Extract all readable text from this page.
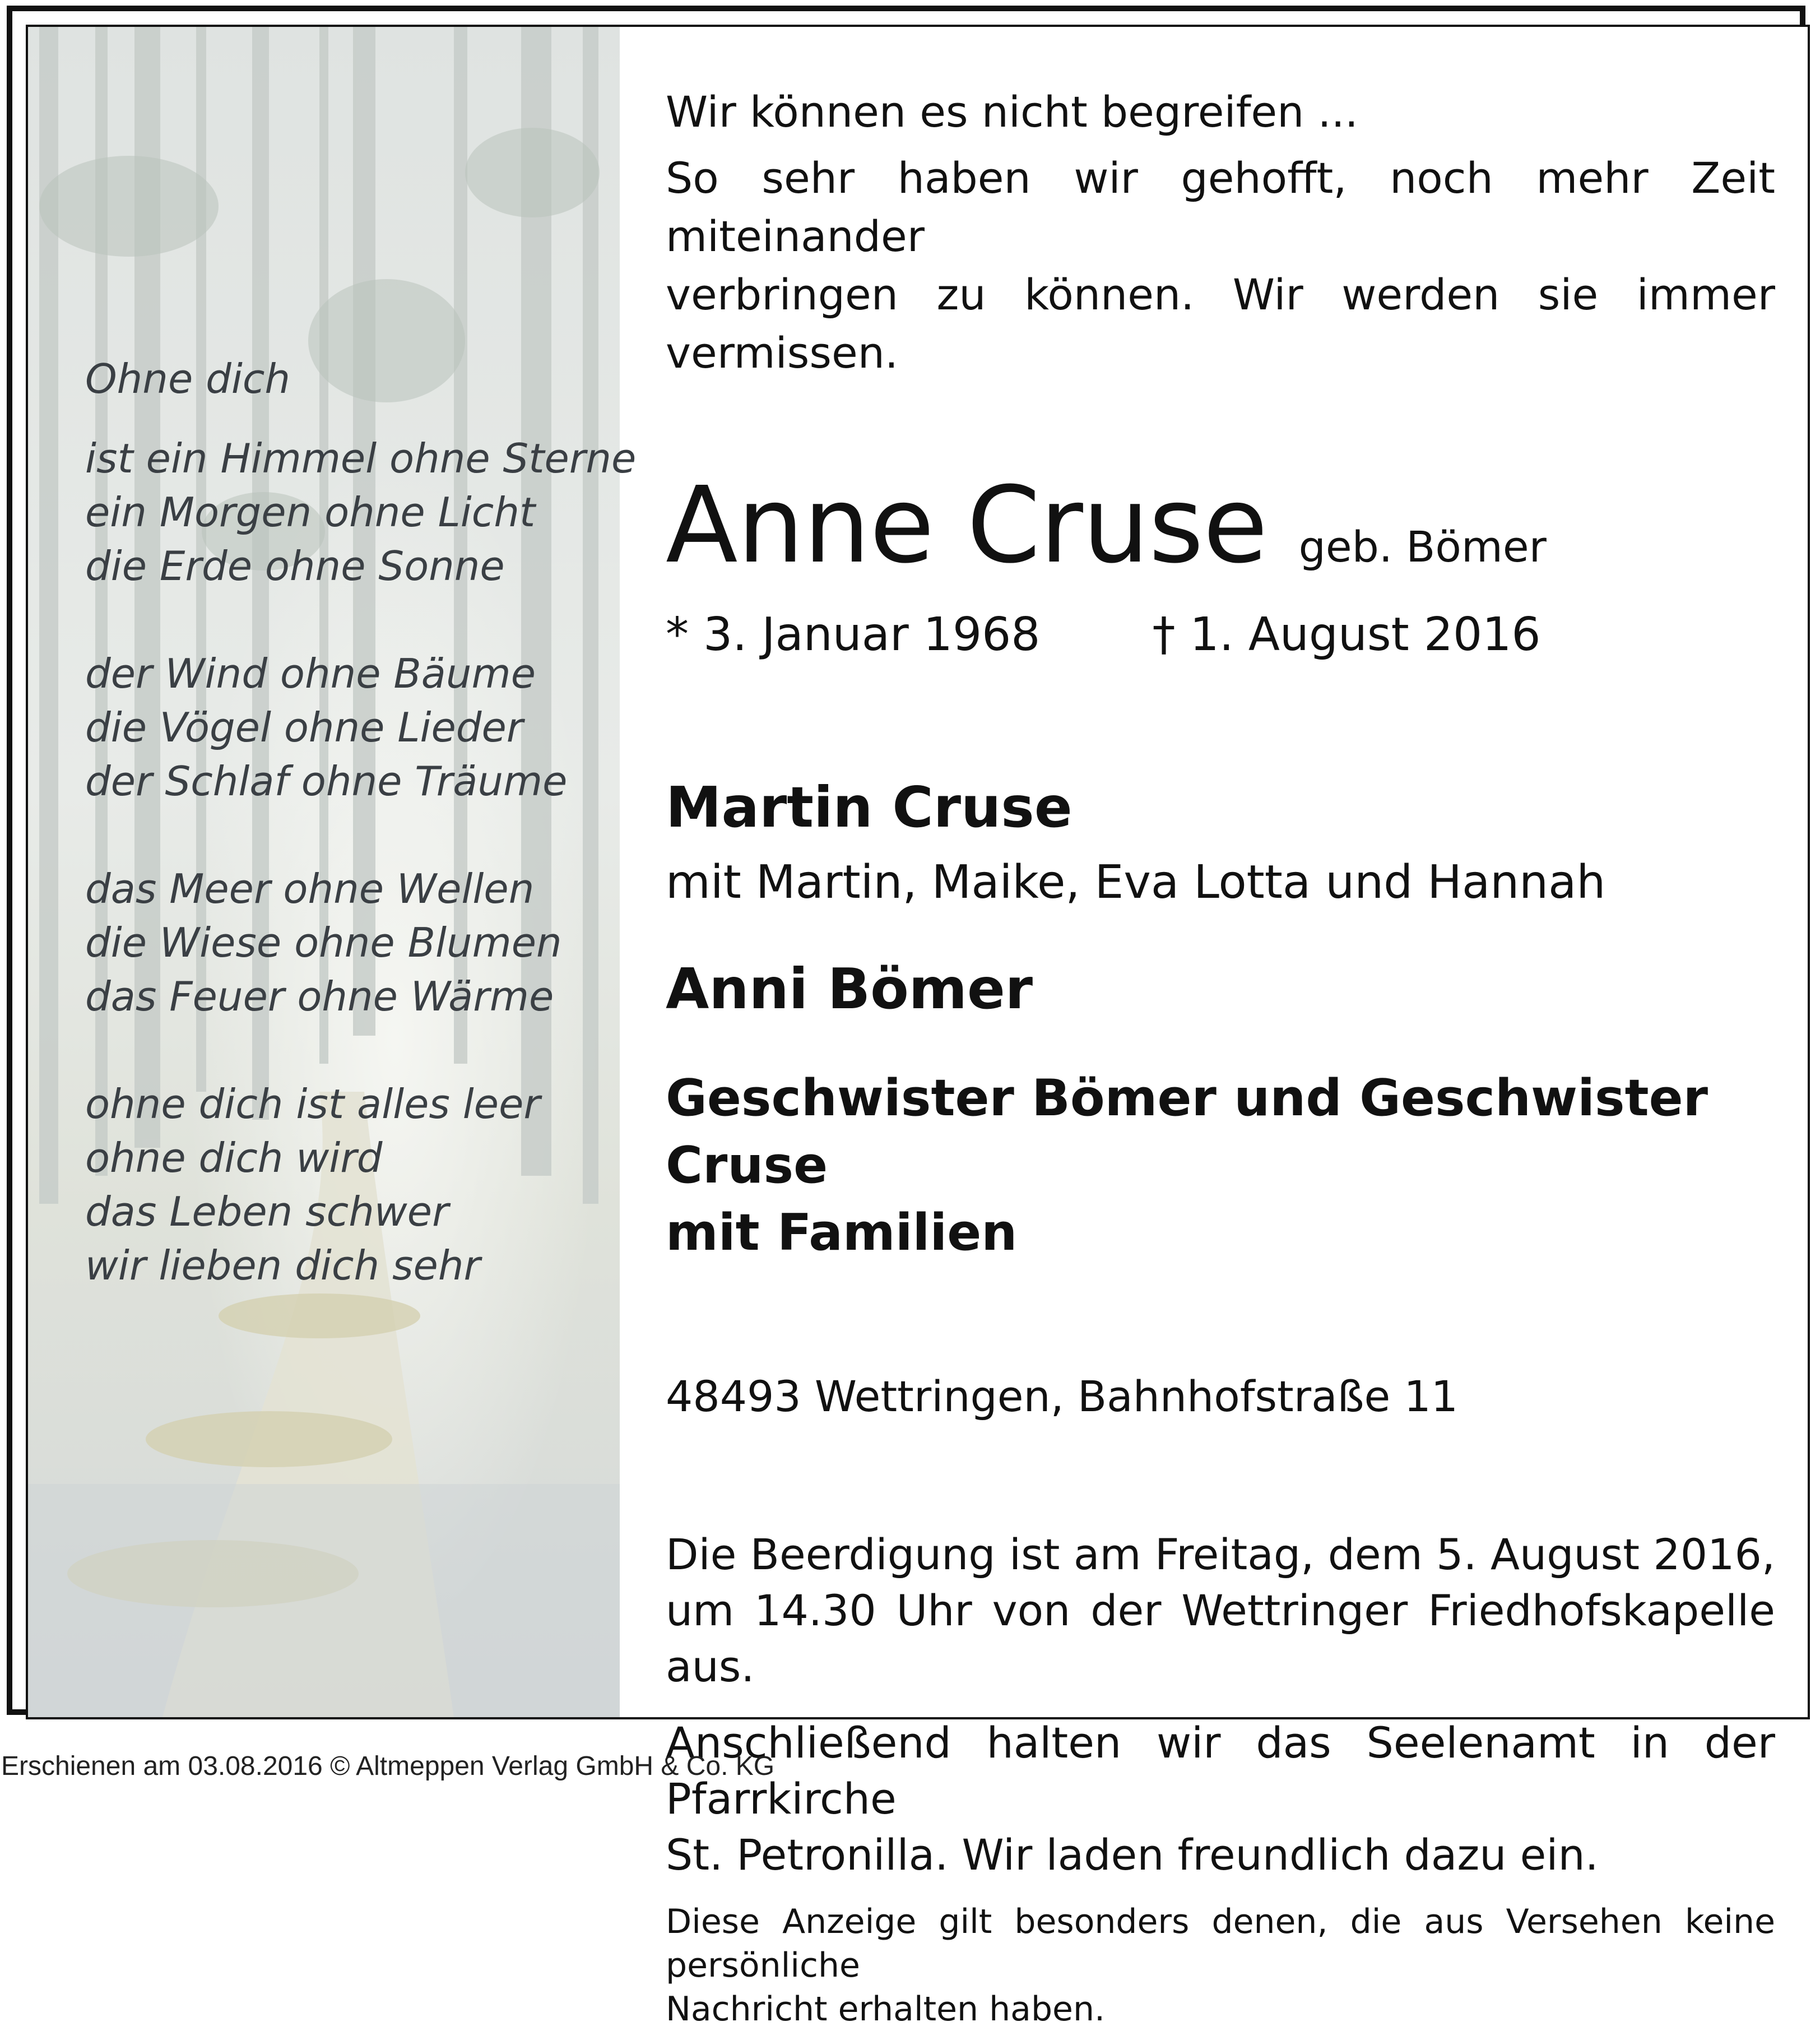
Ohne dich
ist ein Himmel ohne Sterne
ein Morgen ohne Licht
die Erde ohne Sonne
der Wind ohne Bäume
die Vögel ohne Lieder
der Schlaf ohne Träume
das Meer ohne Wellen
die Wiese ohne Blumen
das Feuer ohne Wärme
ohne dich ist alles leer
ohne dich wird
das Leben schwer
wir lieben dich sehr
Wir können es nicht begreifen ...
So sehr haben wir gehofft, noch mehr Zeit miteinander
verbringen zu können. Wir werden sie immer vermissen.
Anne Cruse geb. Bömer
* 3. Januar 1968 † 1. August 2016
Martin Cruse
mit Martin, Maike, Eva Lotta und Hannah
Anni Bömer
Geschwister Bömer und Geschwister Cruse
mit Familien
48493 Wettringen, Bahnhofstraße 11
Die Beerdigung ist am Freitag, dem 5. August 2016,
um 14.30 Uhr von der Wettringer Friedhofskapelle aus.
Anschließend halten wir das Seelenamt in der Pfarrkirche
St. Petronilla. Wir laden freundlich dazu ein.
Diese Anzeige gilt besonders denen, die aus Versehen keine persönliche
Nachricht erhalten haben.
Erschienen am 03.08.2016 © Altmeppen Verlag GmbH & Co. KG
